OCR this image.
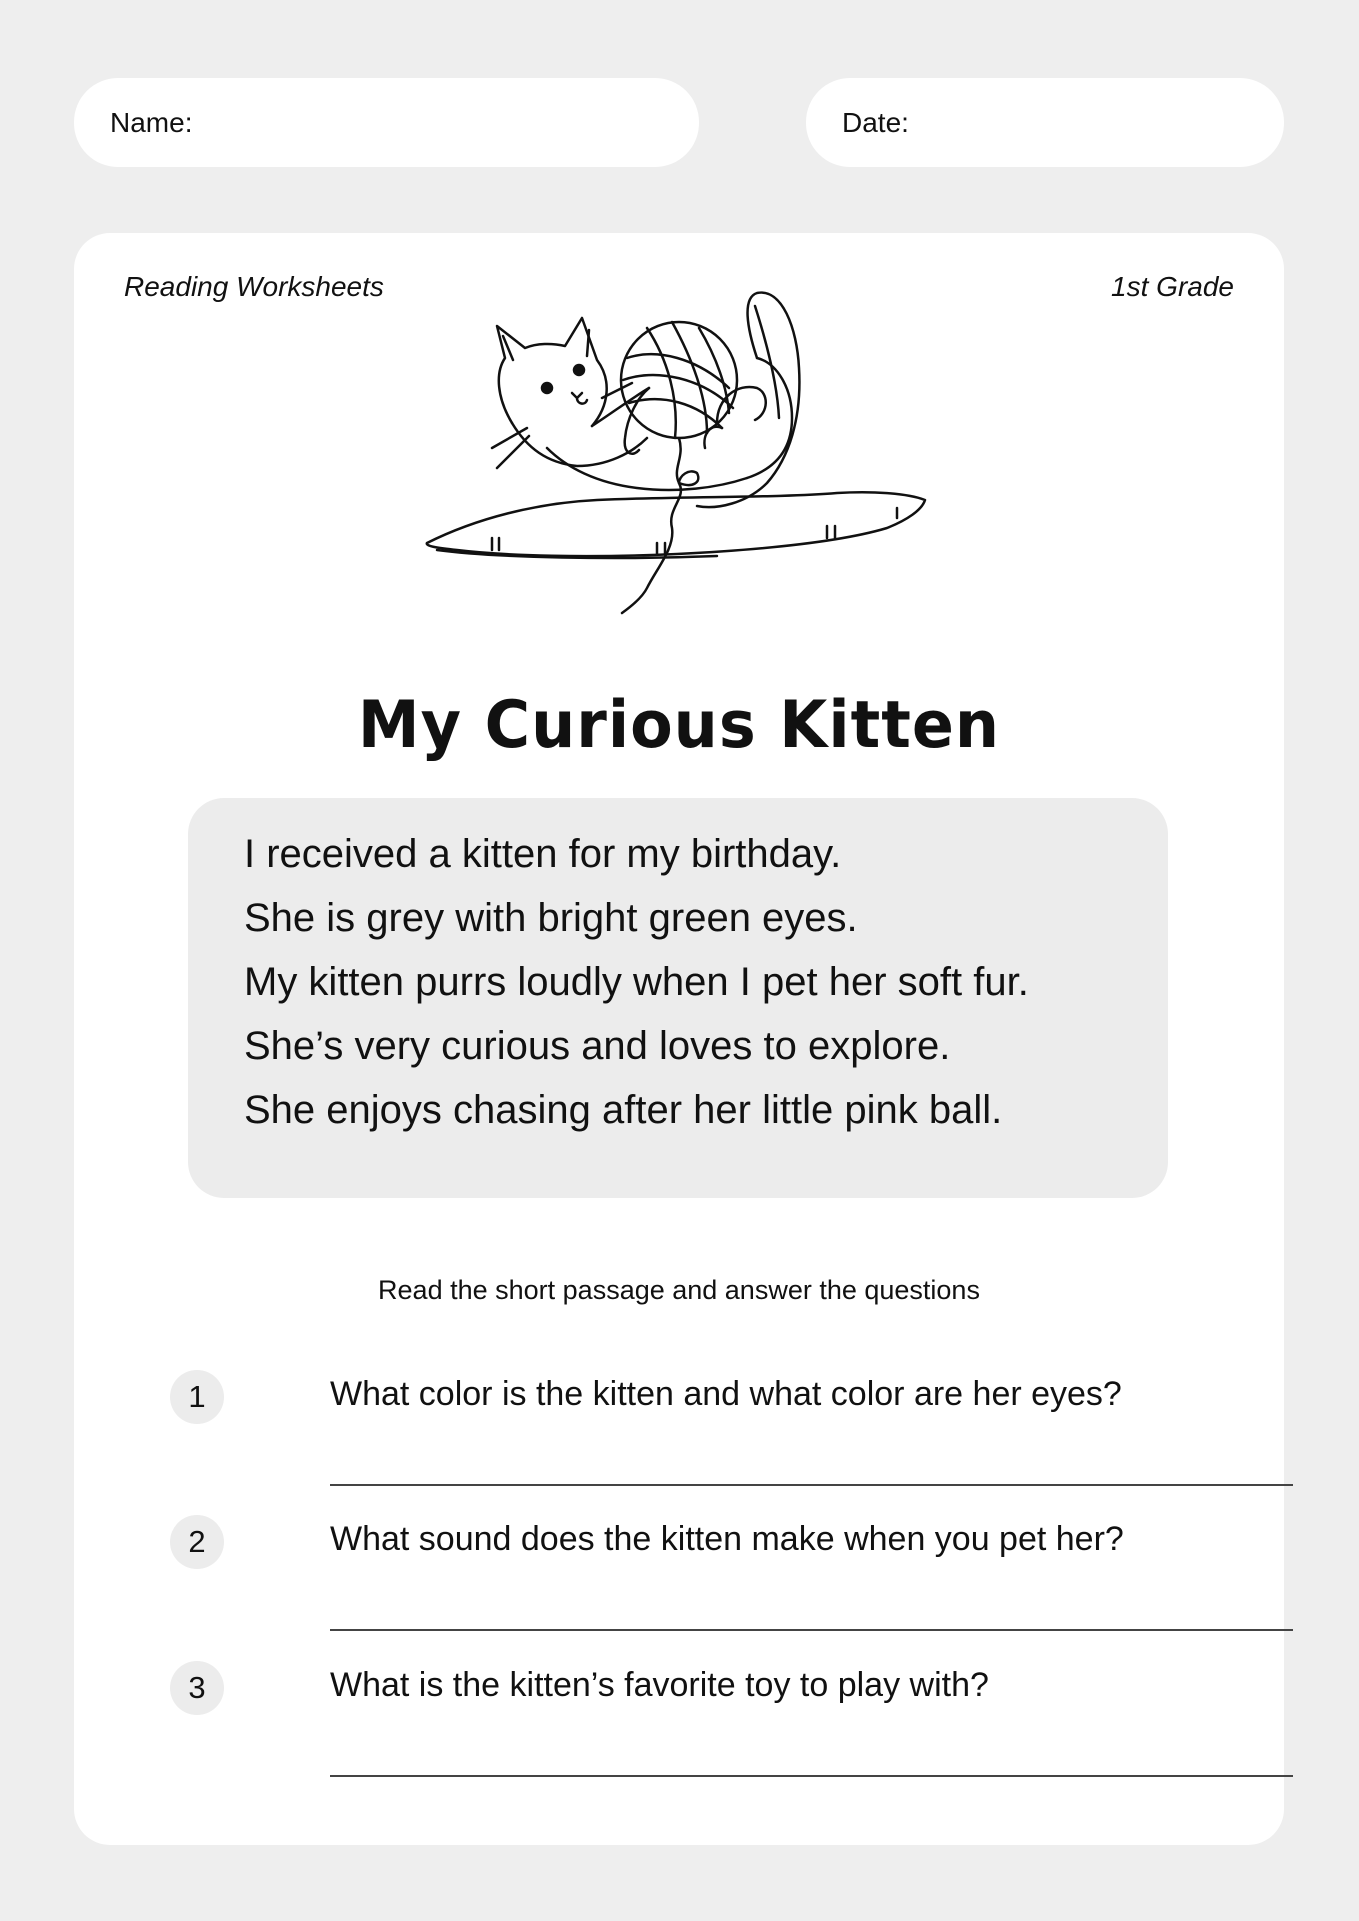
Name:	Date:
Reading Worksheets	1st Grade
My Curious Kitten
I received a kitten for my birthday.
She is grey with bright green eyes.
My kitten purrs loudly when I pet her soft fur.
She’s very curious and loves to explore.
She enjoys chasing after her little pink ball.
Read the short passage and answer the questions
1	What color is the kitten and what color are her eyes?
2	What sound does the kitten make when you pet her?
3	What is the kitten’s favorite toy to play with?
